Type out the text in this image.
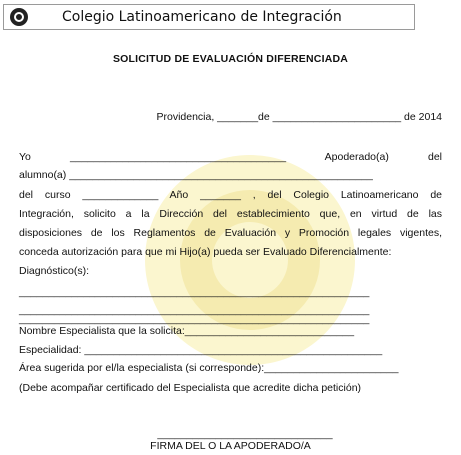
Colegio Latinoamericano de Integración
SOLICITUD DE EVALUACIÓN DIFERENCIADA
Providencia, _______de ______________________ de 2014
Yo _____________________________________ Apoderado(a) del
alumno(a) ____________________________________________________
del curso _____________ Año _______ , del Colegio Latinoamericano de
Integración, solicito a la Dirección del establecimiento que, en virtud de las
disposiciones de los Reglamentos de Evaluación y Promoción legales vigentes,
conceda autorización para que mi Hijo(a) pueda ser Evaluado Diferencialmente:
Diagnóstico(s):
____________________________________________________________
____________________________________________________________
____________________________________________________________
Nombre Especialista que la solicita:_____________________________
Especialidad: ___________________________________________________
Área sugerida por el/la especialista (si corresponde):_______________________
(Debe acompañar certificado del Especialista que acredite dicha petición)
______________________________
FIRMA DEL O LA APODERADO/A
